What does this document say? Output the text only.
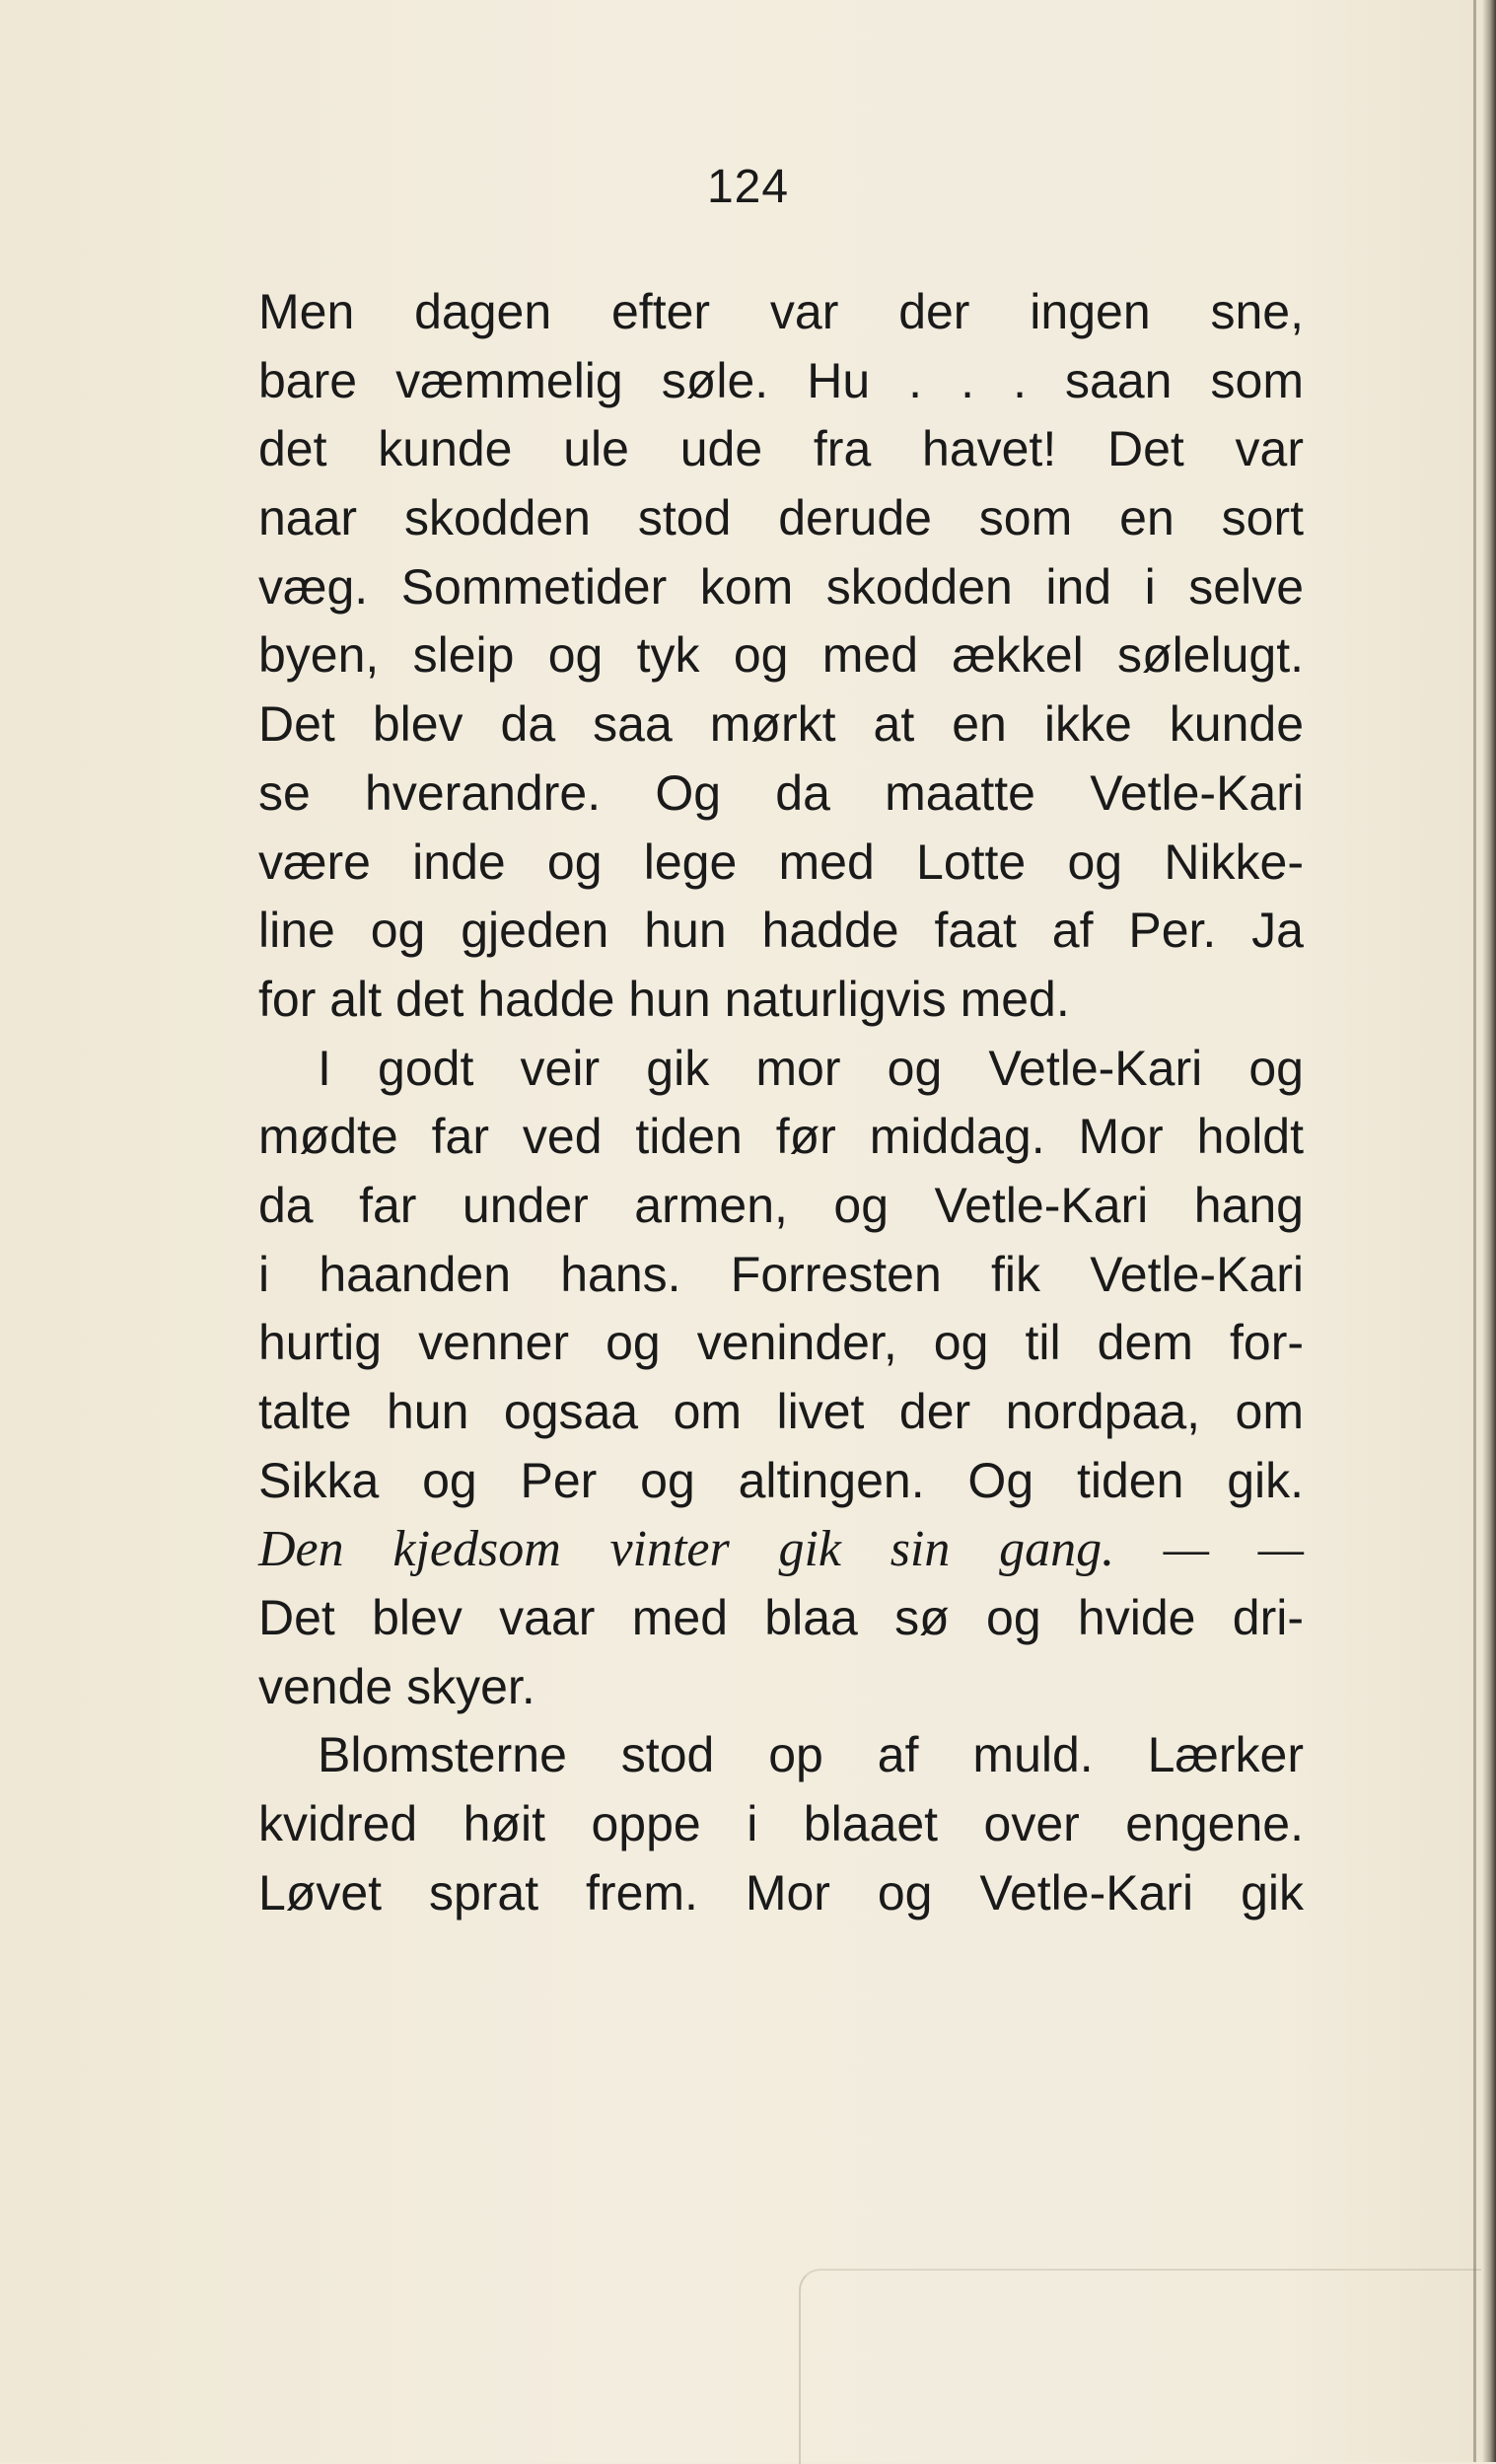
124
Men dagen efter var der ingen sne,
bare væmmelig søle. Hu . . . saan som
det kunde ule ude fra havet! Det var
naar skodden stod derude som en sort
væg. Sommetider kom skodden ind i selve
byen, sleip og tyk og med ækkel sølelugt.
Det blev da saa mørkt at en ikke kunde
se hverandre. Og da maatte Vetle-Kari
være inde og lege med Lotte og Nikke-
line og gjeden hun hadde faat af Per. Ja
for alt det hadde hun naturligvis med.
I godt veir gik mor og Vetle-Kari og
mødte far ved tiden før middag. Mor holdt
da far under armen, og Vetle-Kari hang
i haanden hans. Forresten fik Vetle-Kari
hurtig venner og veninder, og til dem for-
talte hun ogsaa om livet der nordpaa, om
Sikka og Per og altingen. Og tiden gik.
Den kjedsom vinter gik sin gang. — —
Det blev vaar med blaa sø og hvide dri-
vende skyer.
Blomsterne stod op af muld. Lærker
kvidred høit oppe i blaaet over engene.
Løvet sprat frem. Mor og Vetle-Kari gik
